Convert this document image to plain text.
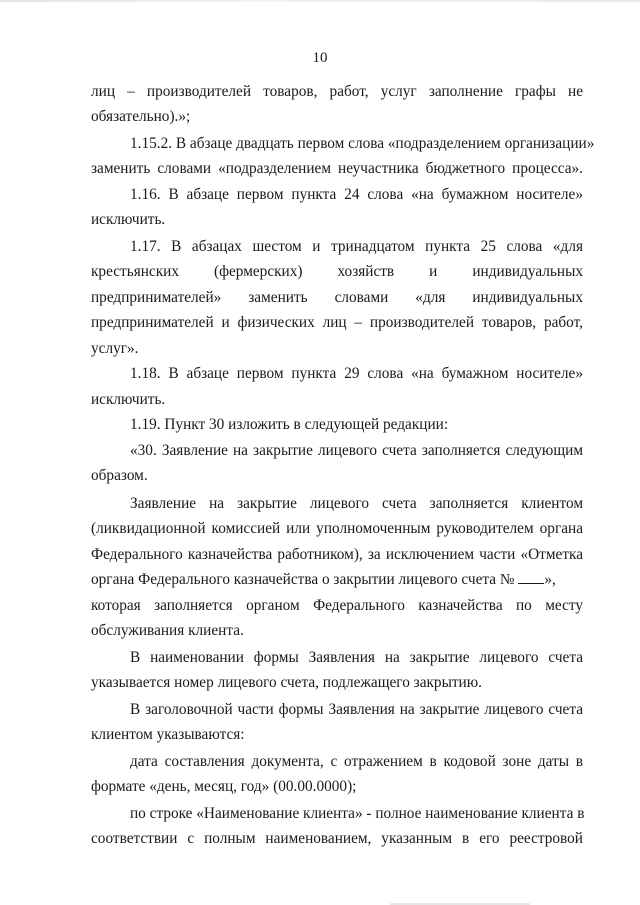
10
лиц – производителей товаров, работ, услуг заполнение графы не
обязательно).»;
1.15.2. В абзаце двадцать первом слова «подразделением организации»
заменить словами «подразделением неучастника бюджетного процесса».
1.16. В абзаце первом пункта 24 слова «на бумажном носителе»
исключить.
1.17. В абзацах шестом и тринадцатом пункта 25 слова «для
крестьянских (фермерских) хозяйств и индивидуальных
предпринимателей» заменить словами «для индивидуальных
предпринимателей и физических лиц – производителей товаров, работ,
услуг».
1.18. В абзаце первом пункта 29 слова «на бумажном носителе»
исключить.
1.19. Пункт 30 изложить в следующей редакции:
«30. Заявление на закрытие лицевого счета заполняется следующим
образом.
Заявление на закрытие лицевого счета заполняется клиентом
(ликвидационной комиссией или уполномоченным руководителем органа
Федерального казначейства работником), за исключением части «Отметка
органа Федерального казначейства о закрытии лицевого счета № »,
которая заполняется органом Федерального казначейства по месту
обслуживания клиента.
В наименовании формы Заявления на закрытие лицевого счета
указывается номер лицевого счета, подлежащего закрытию.
В заголовочной части формы Заявления на закрытие лицевого счета
клиентом указываются:
дата составления документа, с отражением в кодовой зоне даты в
формате «день, месяц, год» (00.00.0000);
по строке «Наименование клиента» - полное наименование клиента в
соответствии с полным наименованием, указанным в его реестровой
